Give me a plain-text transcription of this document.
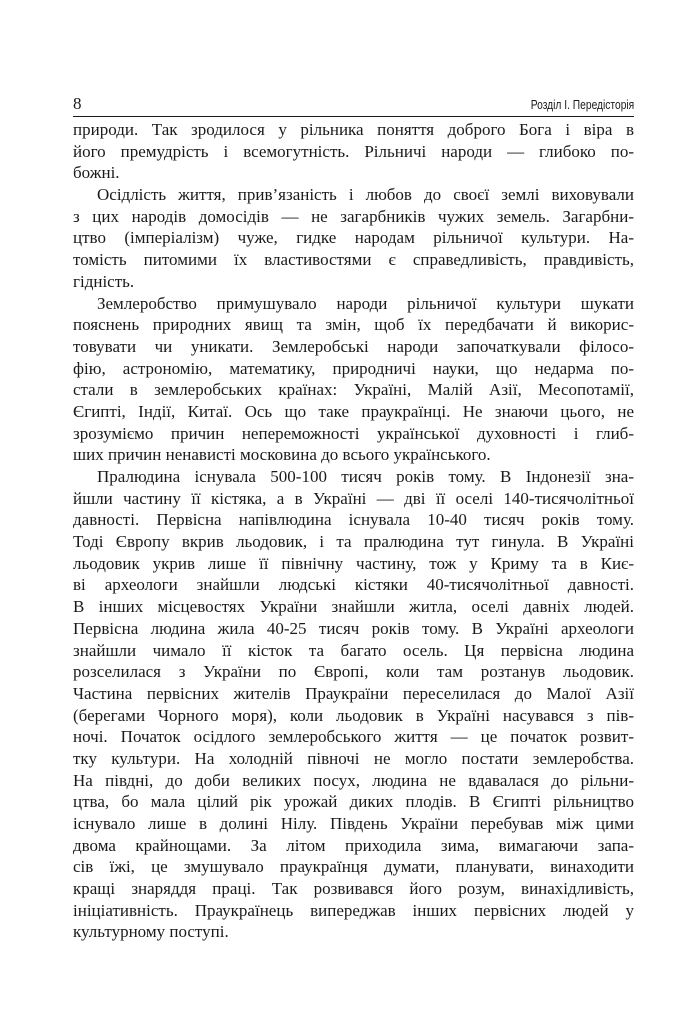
8	Розділ І. Передісторія
природи. Так зродилося у рільника поняття доброго Бога і віра в
його премудрість і всемогутність. Рільничі народи — глибоко по-
божні.
Осідлість життя, прив’язаність і любов до своєї землі виховували
з цих народів домосідів — не загарбників чужих земель. Загарбни-
цтво (імперіалізм) чуже, гидке народам рільничої культури. На-
томість питомими їх властивостями є справедливість, правдивість,
гідність.
Землеробство примушувало народи рільничої культури шукати
пояснень природних явищ та змін, щоб їх передбачати й викорис-
товувати чи уникати. Землеробські народи започаткували філосо-
фію, астрономію, математику, природничі науки, що недарма по-
стали в землеробських країнах: Україні, Малій Азії, Месопотамії,
Єгипті, Індії, Китаї. Ось що таке праукраїнці. Не знаючи цього, не
зрозуміємо причин непереможності української духовності і глиб-
ших причин ненависті московина до всього українського.
Пралюдина існувала 500-100 тисяч років тому. В Індонезії зна-
йшли частину її кістяка, а в Україні — дві її оселі 140-тисячолітньої
давності. Первісна напівлюдина існувала 10-40 тисяч років тому.
Тоді Європу вкрив льодовик, і та пралюдина тут гинула. В Україні
льодовик укрив лише її північну частину, тож у Криму та в Киє-
ві археологи знайшли людські кістяки 40-тисячолітньої давності.
В інших місцевостях України знайшли житла, оселі давніх людей.
Первісна людина жила 40-25 тисяч років тому. В Україні археологи
знайшли чимало її кісток та багато осель. Ця первісна людина
розселилася з України по Європі, коли там розтанув льодовик.
Частина первісних жителів Праукраїни переселилася до Малої Азії
(берегами Чорного моря), коли льодовик в Україні насувався з пів-
ночі. Початок осідлого землеробського життя — це початок розвит-
тку культури. На холодній півночі не могло постати землеробства.
На півдні, до доби великих посух, людина не вдавалася до рільни-
цтва, бо мала цілий рік урожай диких плодів. В Єгипті рільництво
існувало лише в долині Нілу. Південь України перебував між цими
двома крайнощами. За літом приходила зима, вимагаючи запа-
сів їжі, це змушувало праукраїнця думати, планувати, винаходити
кращі знаряддя праці. Так розвивався його розум, винахідливість,
ініціативність. Праукраїнець випереджав інших первісних людей у
культурному поступі.
